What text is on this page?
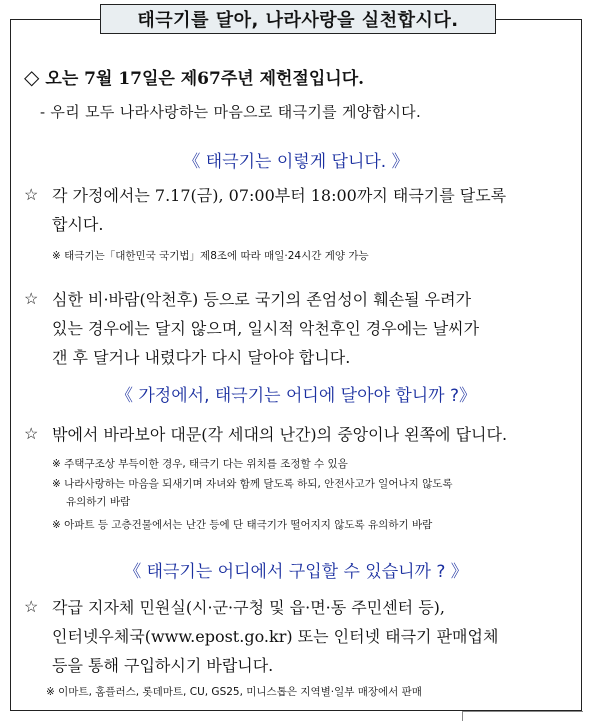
태극기를 달아, 나라사랑을 실천합시다.
◇ 오는 7월 17일은 제67주년 제헌절입니다.
- 우리 모두 나라사랑하는 마음으로 태극기를 게양합시다.
《 태극기는 이렇게 답니다. 》
☆ 각 가정에서는 7.17(금), 07:00부터 18:00까지 태극기를 달도록
합시다.
※ 태극기는「대한민국 국기법」제8조에 따라 매일·24시간 게양 가능
☆ 심한 비·바람(악천후) 등으로 국기의 존엄성이 훼손될 우려가
있는 경우에는 달지 않으며, 일시적 악천후인 경우에는 날씨가
갠 후 달거나 내렸다가 다시 달아야 합니다.
《 가정에서, 태극기는 어디에 달아야 합니까 ?》
☆ 밖에서 바라보아 대문(각 세대의 난간)의 중앙이나 왼쪽에 답니다.
※ 주택구조상 부득이한 경우, 태극기 다는 위치를 조정할 수 있음
※ 나라사랑하는 마음을 되새기며 자녀와 함께 달도록 하되, 안전사고가 일어나지 않도록
유의하기 바람
※ 아파트 등 고층건물에서는 난간 등에 단 태극기가 떨어지지 않도록 유의하기 바람
《 태극기는 어디에서 구입할 수 있습니까 ? 》
☆ 각급 지자체 민원실(시·군·구청 및 읍·면·동 주민센터 등),
인터넷우체국(www.epost.go.kr) 또는 인터넷 태극기 판매업체
등을 통해 구입하시기 바랍니다.
※ 이마트, 홈플러스, 롯데마트, CU, GS25, 미니스톱은 지역별·일부 매장에서 판매
